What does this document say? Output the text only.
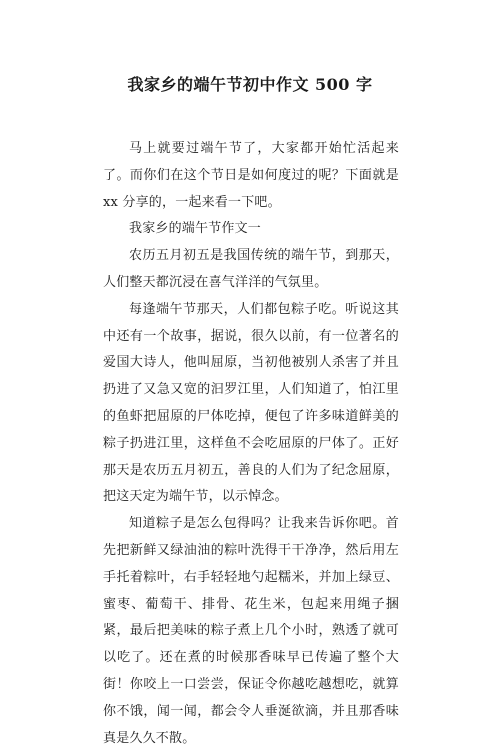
我家乡的端午节初中作文 500 字

马上就要过端午节了，大家都开始忙活起来了。而你们在这个节日是如何度过的呢？下面就是 xx 分享的，一起来看一下吧。

我家乡的端午节作文一

农历五月初五是我国传统的端午节，到那天，人们整天都沉浸在喜气洋洋的气氛里。

每逢端午节那天，人们都包粽子吃。听说这其中还有一个故事，据说，很久以前，有一位著名的爱国大诗人，他叫屈原，当初他被别人杀害了并且扔进了又急又宽的汩罗江里，人们知道了，怕江里的鱼虾把屈原的尸体吃掉，便包了许多味道鲜美的粽子扔进江里，这样鱼不会吃屈原的尸体了。正好那天是农历五月初五，善良的人们为了纪念屈原，把这天定为端午节，以示悼念。

知道粽子是怎么包得吗？让我来告诉你吧。首先把新鲜又绿油油的粽叶洗得干干净净，然后用左手托着粽叶，右手轻轻地勺起糯米，并加上绿豆、蜜枣、葡萄干、排骨、花生米，包起来用绳子捆紧，最后把美味的粽子煮上几个小时，熟透了就可以吃了。还在煮的时候那香味早已传遍了整个大街！你咬上一口尝尝，保证令你越吃越想吃，就算你不饿，闻一闻，都会令人垂涎欲滴，并且那香味真是久久不散。
